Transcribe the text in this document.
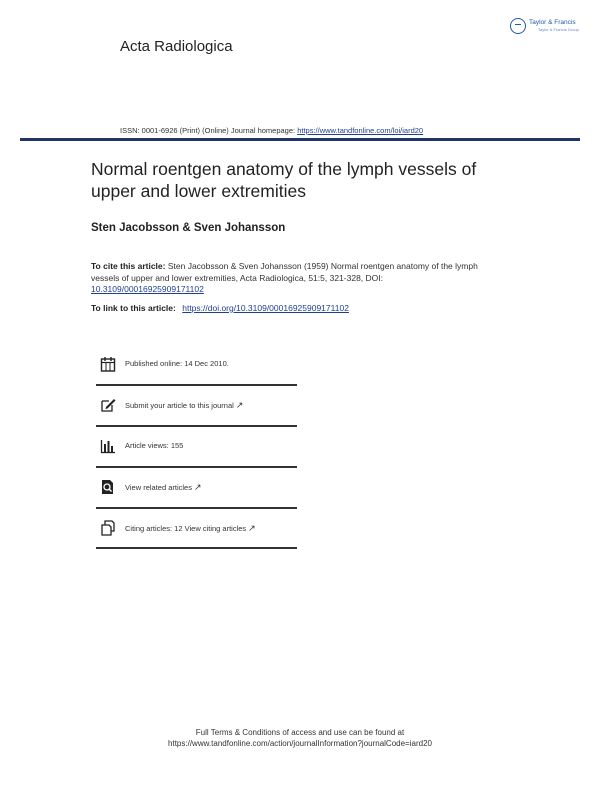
Acta Radiologica
Taylor & Francis
Taylor & Francis Group
ISSN: 0001-6926 (Print) (Online) Journal homepage: https://www.tandfonline.com/loi/iard20
Normal roentgen anatomy of the lymph vessels of upper and lower extremities
Sten Jacobsson & Sven Johansson
To cite this article: Sten Jacobsson & Sven Johansson (1959) Normal roentgen anatomy of the lymph vessels of upper and lower extremities, Acta Radiologica, 51:5, 321-328, DOI: 10.3109/00016925909171102
To link to this article: https://doi.org/10.3109/00016925909171102
Published online: 14 Dec 2010.
Submit your article to this journal ↗
Article views: 155
View related articles ↗
Citing articles: 12 View citing articles ↗
Full Terms & Conditions of access and use can be found at
https://www.tandfonline.com/action/journalInformation?journalCode=iard20
